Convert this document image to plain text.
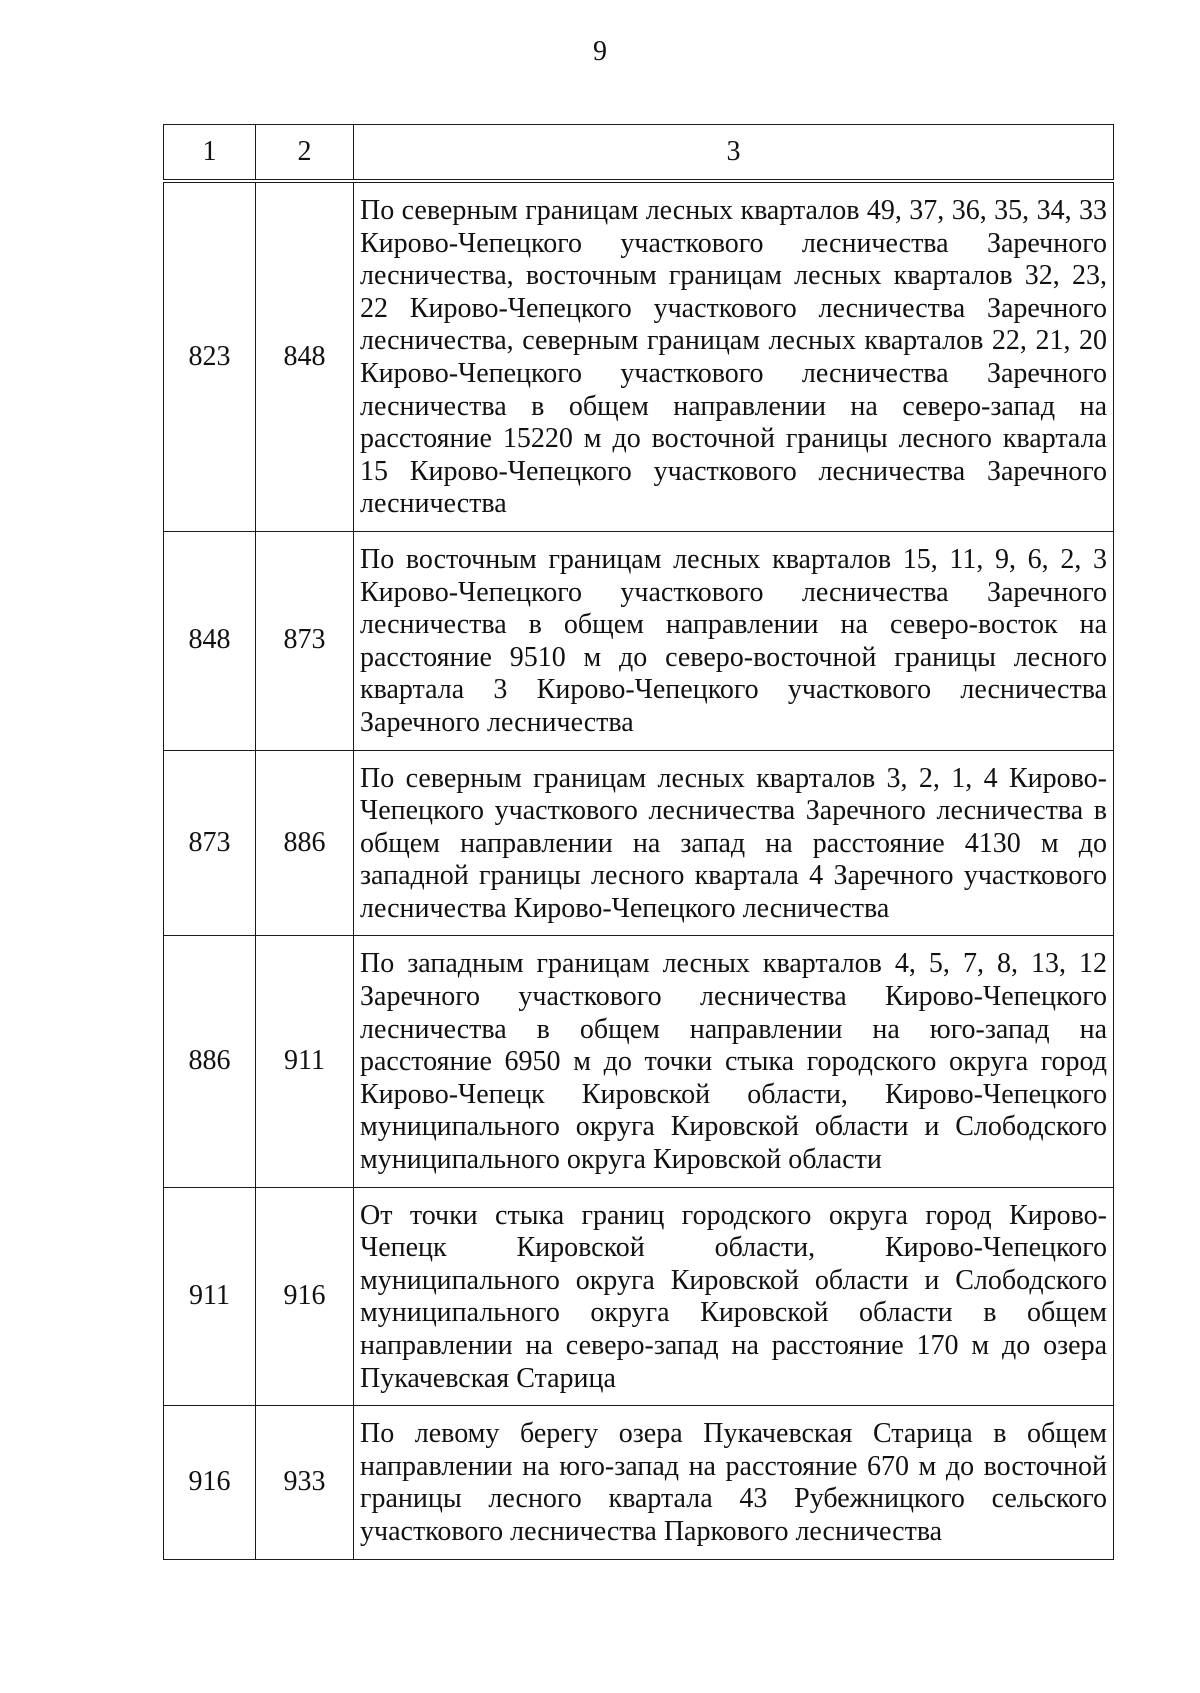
9
1	2	3
823	848	По северным границам лесных кварталов 49, 37, 36, 35, 34, 33 Кирово-Чепецкого участкового лесничества Заречного лесничества, восточным границам лесных кварталов 32, 23, 22 Кирово-Чепецкого участкового лесничества Заречного лесничества, северным границам лесных кварталов 22, 21, 20 Кирово-Чепецкого участкового лесничества Заречного лесничества в общем направлении на северо-запад на расстояние 15220 м до восточной границы лесного квартала 15 Кирово-Чепецкого участкового лесничества Заречного лесничества

848	873	По восточным границам лесных кварталов 15, 11, 9, 6, 2, 3 Кирово-Чепецкого участкового лесничества Заречного лесничества в общем направлении на северо-восток на расстояние 9510 м до северо-восточной границы лесного квартала 3 Кирово-Чепецкого участкового лесничества Заречного лесничества

873	886	По северным границам лесных кварталов 3, 2, 1, 4 Кирово-Чепецкого участкового лесничества Заречного лесничества в общем направлении на запад на расстояние 4130 м до западной границы лесного квартала 4 Заречного участкового лесничества Кирово-Чепецкого лесничества

886	911	По западным границам лесных кварталов 4, 5, 7, 8, 13, 12 Заречного участкового лесничества Кирово-Чепецкого лесничества в общем направлении на юго-запад на расстояние 6950 м до точки стыка городского округа город Кирово-Чепецк Кировской области, Кирово-Чепецкого муниципального округа Кировской области и Слободского муниципального округа Кировской области

911	916	От точки стыка границ городского округа город Кирово-Чепецк Кировской области, Кирово-Чепецкого муниципального округа Кировской области и Слободского муниципального округа Кировской области в общем направлении на северо-запад на расстояние 170 м до озера Пукачевская Старица

916	933	По левому берегу озера Пукачевская Старица в общем направлении на юго-запад на расстояние 670 м до восточной границы лесного квартала 43 Рубежницкого сельского участкового лесничества Паркового лесничества
